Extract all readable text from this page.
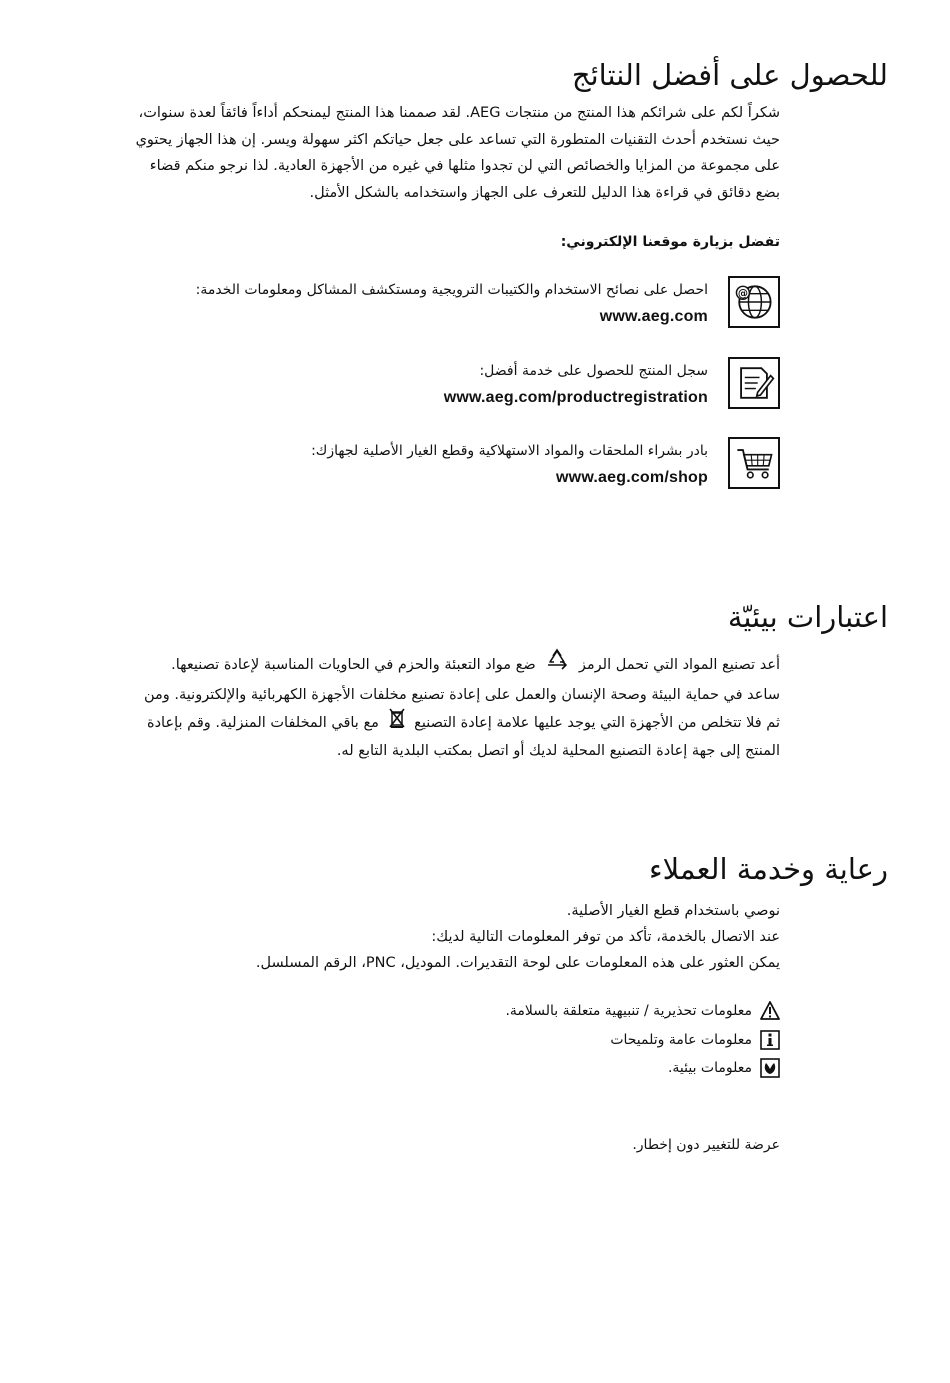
للحصول على أفضل النتائج

شكراً لكم على شرائكم هذا المنتج من منتجات AEG. لقد صممنا هذا المنتج ليمنحكم أداءاً فائقاً لعدة سنوات،
حيث نستخدم أحدث التقنيات المتطورة التي تساعد على جعل حياتكم اكثر سهولة ويسر. إن هذا الجهاز يحتوي
على مجموعة من المزايا والخصائص التي لن تجدوا مثلها في غيره من الأجهزة العادية. لذا نرجو منكم قضاء
بضع دقائق في قراءة هذا الدليل للتعرف على الجهاز واستخدامه بالشكل الأمثل.

تفضل بزيارة موقعنا الإلكتروني:

@
احصل على نصائح الاستخدام والكتيبات الترويجية ومستكشف المشاكل ومعلومات الخدمة:
www.aeg.com
سجل المنتج للحصول على خدمة أفضل:
www.aeg.com/productregistration
بادر بشراء الملحقات والمواد الاستهلاكية وقطع الغيار الأصلية لجهازك:
www.aeg.com/shop
اعتبارات بيئيّة

أعد تصنيع المواد التي تحمل الرمز  ضع مواد التعبئة والحزم في الحاويات المناسبة لإعادة تصنيعها.
ساعد في حماية البيئة وصحة الإنسان والعمل على إعادة تصنيع مخلفات الأجهزة الكهربائية والإلكترونية. ومن
ثم فلا تتخلص من الأجهزة التي يوجد عليها علامة إعادة التصنيع  مع باقي المخلفات المنزلية. وقم بإعادة
المنتج إلى جهة إعادة التصنيع المحلية لديك أو اتصل بمكتب البلدية التابع له.

رعاية وخدمة العملاء

نوصي باستخدام قطع الغيار الأصلية.
عند الاتصال بالخدمة، تأكد من توفر المعلومات التالية لديك:
يمكن العثور على هذه المعلومات على لوحة التقديرات. الموديل، PNC، الرقم المسلسل.

معلومات تحذيرية / تنبيهية متعلقة بالسلامة.
معلومات عامة وتلميحات
معلومات بيئية.

عرضة للتغيير دون إخطار.
